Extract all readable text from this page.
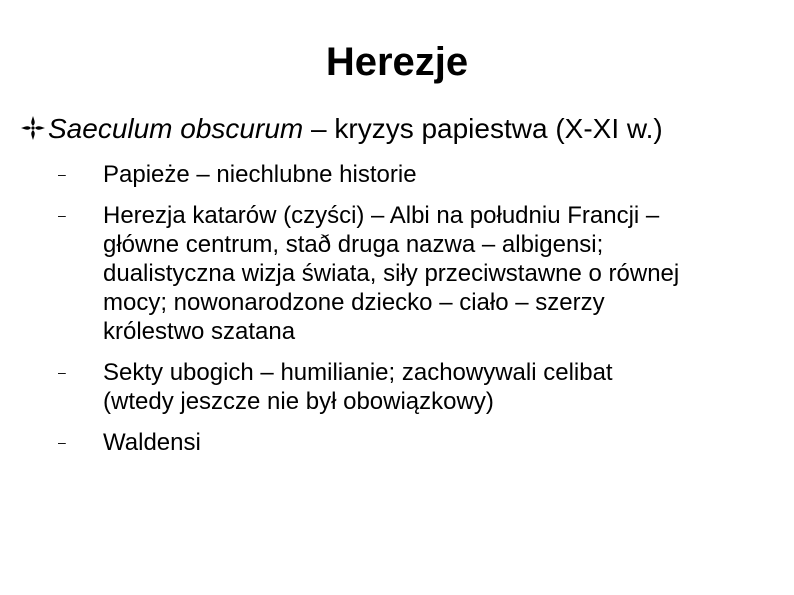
Herezje
Saeculum obscurum – kryzys papiestwa (X-XI w.)
– Papieże – niechlubne historie
– Herezja katarów (czyści) – Albi na południu Francji –
główne centrum, stað druga nazwa – albigensi;
dualistyczna wizja świata, siły przeciwstawne o równej
mocy; nowonarodzone dziecko – ciało – szerzy
królestwo szatana
– Sekty ubogich – humilianie; zachowywali celibat
(wtedy jeszcze nie był obowiązkowy)
– Waldensi
